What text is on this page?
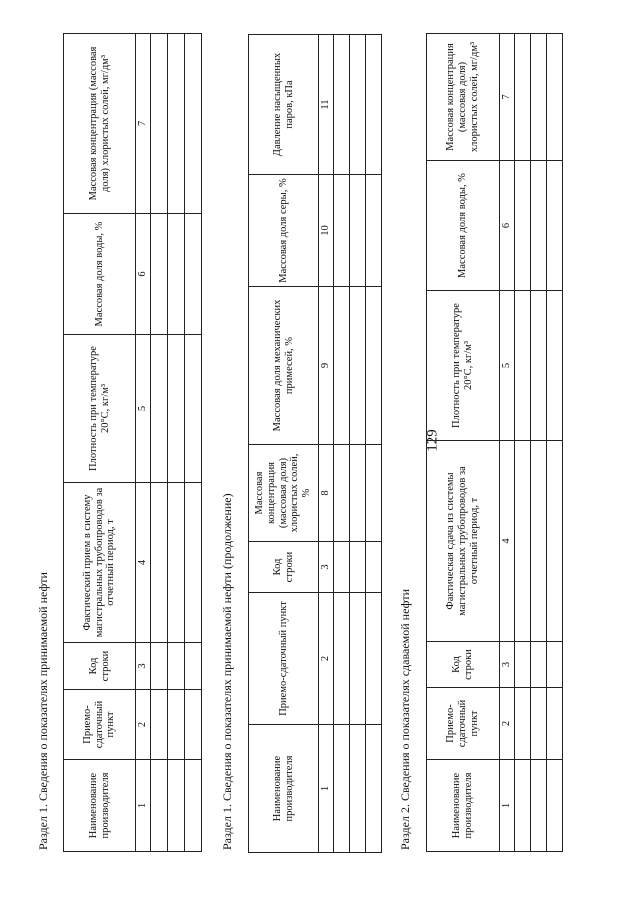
129
Раздел 1. Сведения о показателях принимаемой нефти	Наименование производителя	Приемо-сдаточный пункт	Код строки	Фактический прием в систему магистральных трубопроводов за отчетный период, т	Плотность при температуре 20°С, кг/м³	Массовая доля воды, %	Массовая концентрация (массовая доля) хлористых солей, мг/дм³
1	2	3	4	5	6	7

Раздел 1. Сведения о показателях принимаемой нефти (продолжение)	Наименование производителя	Приемо-сдаточный пункт	Код строки	Массовая концентрация (массовая доля) хлористых солей, %	Массовая доля механических примесей, %	Массовая доля серы, %	Давление насыщенных паров, кПа
1	2	3	8	9	10	11

Раздел 2. Сведения о показателях сдаваемой нефти	Наименование производителя	Приемо-сдаточный пункт	Код строки	Фактическая сдача из системы магистральных трубопроводов за отчетный период, т	Плотность при температуре 20°С, кг/м³	Массовая доля воды, %	Массовая концентрация (массовая доля) хлористых солей, мг/дм³
1	2	3	4	5	6	7
